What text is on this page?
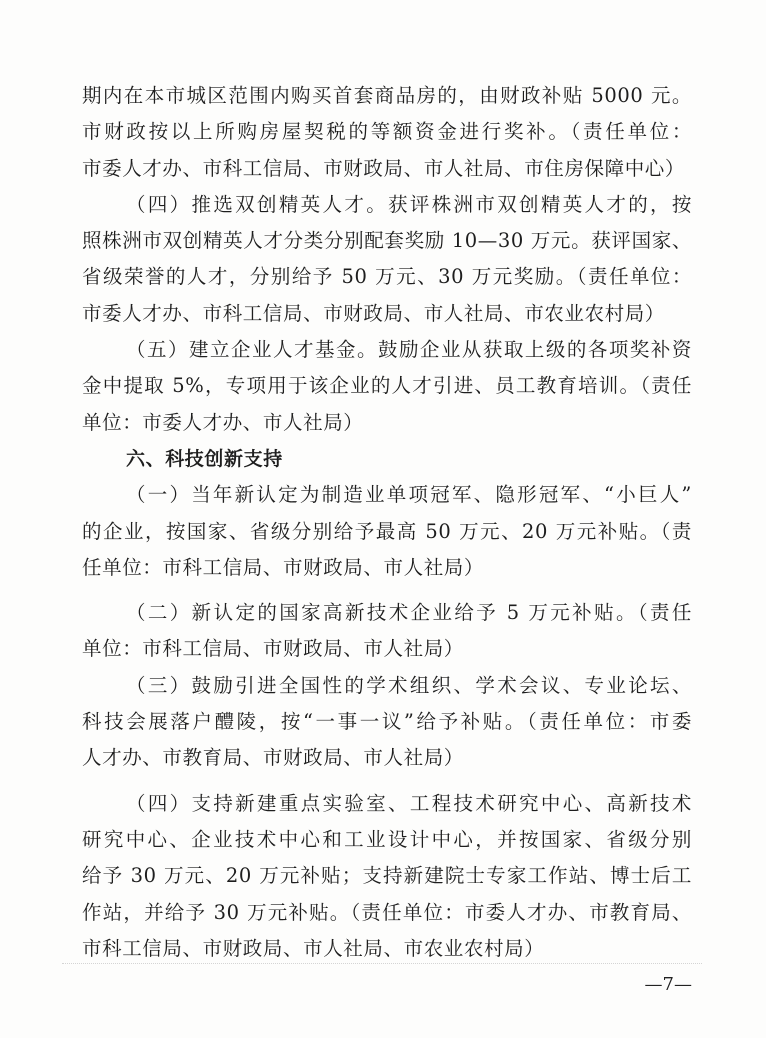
期内在本市城区范围内购买首套商品房的，由财政补贴 5000 元。
市财政按以上所购房屋契税的等额资金进行奖补。（责任单位：
市委人才办、市科工信局、市财政局、市人社局、市住房保障中心）
（四）推选双创精英人才。获评株洲市双创精英人才的，按
照株洲市双创精英人才分类分别配套奖励 10—30 万元。获评国家、
省级荣誉的人才，分别给予 50 万元、30 万元奖励。（责任单位：
市委人才办、市科工信局、市财政局、市人社局、市农业农村局）
（五）建立企业人才基金。鼓励企业从获取上级的各项奖补资
金中提取 5%，专项用于该企业的人才引进、员工教育培训。（责任
单位：市委人才办、市人社局）
六、科技创新支持
（一）当年新认定为制造业单项冠军、隐形冠军、“小巨人”
的企业，按国家、省级分别给予最高 50 万元、20 万元补贴。（责
任单位：市科工信局、市财政局、市人社局）
（二）新认定的国家高新技术企业给予 5 万元补贴。（责任
单位：市科工信局、市财政局、市人社局）
（三）鼓励引进全国性的学术组织、学术会议、专业论坛、
科技会展落户醴陵，按“一事一议”给予补贴。（责任单位：市委
人才办、市教育局、市财政局、市人社局）
（四）支持新建重点实验室、工程技术研究中心、高新技术
研究中心、企业技术中心和工业设计中心，并按国家、省级分别
给予 30 万元、20 万元补贴；支持新建院士专家工作站、博士后工
作站，并给予 30 万元补贴。（责任单位：市委人才办、市教育局、
市科工信局、市财政局、市人社局、市农业农村局）
—7—
